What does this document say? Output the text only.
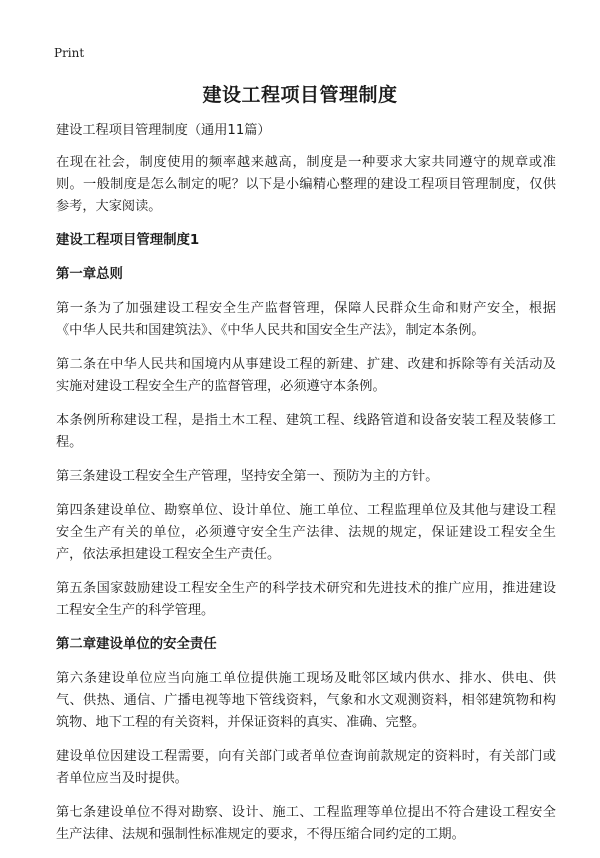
Print
建设工程项目管理制度

建设工程项目管理制度（通用11篇）

在现在社会，制度使用的频率越来越高，制度是一种要求大家共同遵守的规章或准则。一般制度是怎么制定的呢？以下是小编精心整理的建设工程项目管理制度，仅供参考，大家阅读。

建设工程项目管理制度1

第一章总则

第一条为了加强建设工程安全生产监督管理，保障人民群众生命和财产安全，根据《中华人民共和国建筑法》、《中华人民共和国安全生产法》，制定本条例。

第二条在中华人民共和国境内从事建设工程的新建、扩建、改建和拆除等有关活动及实施对建设工程安全生产的监督管理，必须遵守本条例。

本条例所称建设工程，是指土木工程、建筑工程、线路管道和设备安装工程及装修工程。

第三条建设工程安全生产管理，坚持安全第一、预防为主的方针。

第四条建设单位、勘察单位、设计单位、施工单位、工程监理单位及其他与建设工程安全生产有关的单位，必须遵守安全生产法律、法规的规定，保证建设工程安全生产，依法承担建设工程安全生产责任。

第五条国家鼓励建设工程安全生产的科学技术研究和先进技术的推广应用，推进建设工程安全生产的科学管理。

第二章建设单位的安全责任

第六条建设单位应当向施工单位提供施工现场及毗邻区域内供水、排水、供电、供气、供热、通信、广播电视等地下管线资料，气象和水文观测资料，相邻建筑物和构筑物、地下工程的有关资料，并保证资料的真实、准确、完整。

建设单位因建设工程需要，向有关部门或者单位查询前款规定的资料时，有关部门或者单位应当及时提供。

第七条建设单位不得对勘察、设计、施工、工程监理等单位提出不符合建设工程安全生产法律、法规和强制性标准规定的要求，不得压缩合同约定的工期。
